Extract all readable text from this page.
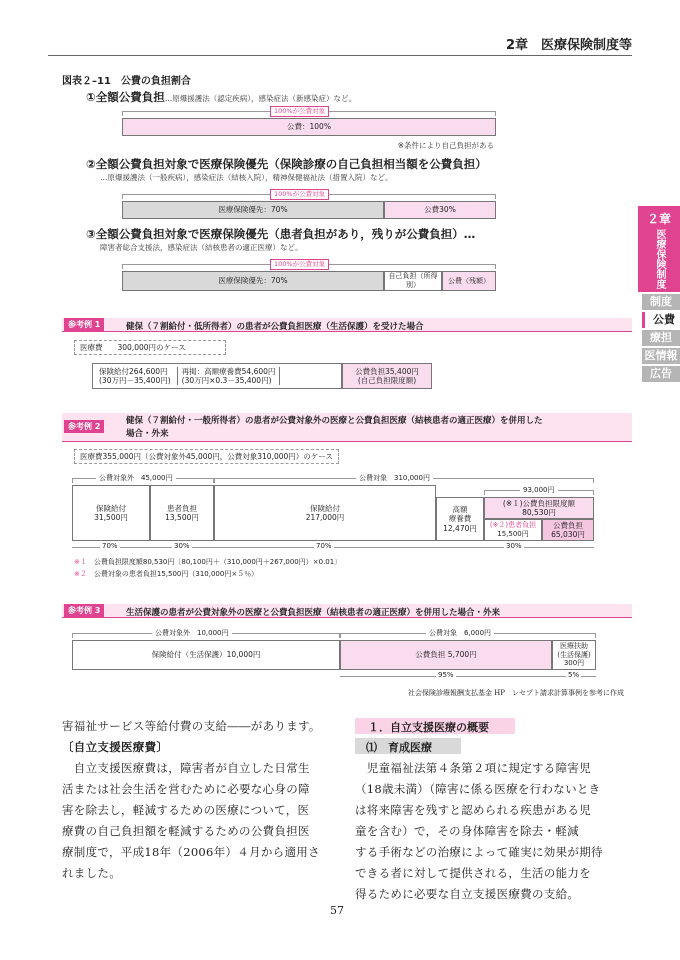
2章　医療保険制度等
２章
医療保険制度
制度
公費
療担
医情報
広告
図表２–11　公費の負担割合
①全額公費負担…原爆援護法（認定疾病），感染症法（新感染症）など。
100%が公費対象
公費：100%
※条件により自己負担がある
②全額公費負担対象で医療保険優先（保険診療の自己負担相当額を公費負担）
…原爆援護法（一般疾病），感染症法（結核入院），精神保健福祉法（措置入院）など。
100%が公費対象
医療保険優先：70%	公費30%
③全額公費負担対象で医療保険優先（患者負担があり，残りが公費負担）…
障害者総合支援法，感染症法（結核患者の適正医療）など。
100%が公費対象
医療保険優先：70%
自己負担（所得別）
公費（残額）
参考例 1	健保（７割給付・低所得者）の患者が公費負担医療（生活保護）を受けた場合
医療費　　 300,000円のケース
保険給付264,600円
(30万円－35,400円)
再掲：高額療養費54,600円
(30万円×0.3－35,400円)
公費負担35,400円
(自己負担限度額)
参考例 2
健保（７割給付・一般所得者）の患者が公費対象外の医療と公費負担医療（結核患者の適正医療）を併用した
場合・外来
医療費355,000円（公費対象外45,000円，公費対象310,000円）のケース
公費対象外　45,000円	公費対象　310,000円
93,000円
保険給付
31,500円
患者負担
13,500円
保険給付
217,000円
高額
療養費
12,470円
(※１)公費負担限度額
80,530円
(※２)患者負担
15,500円
公費負担
65,030円
70%	30%	70%	30%
※１　 公費負担限度額80,530円〔80,100円＋（310,000円＋267,000円）×0.01〕
※２　 公費対象の患者負担15,500円（310,000円×５％）
参考例 3	生活保護の患者が公費対象外の医療と公費負担医療（結核患者の適正医療）を併用した場合・外来
公費対象外　10,000円	公費対象　6,000円
保険給付（生活保護）10,000円	公費負担 5,700円
医療扶助
(生活保護)
300円
95%	5%
社会保険診療報酬支払基金 HP　レセプト請求計算事例を参考に作成
害福祉サービス等給付費の支給――があります。
〔自立支援医療費〕
　自立支援医療費は，障害者が自立した日常生
活または社会生活を営むために必要な心身の障
害を除去し，軽減するための医療について，医
療費の自己負担額を軽減するための公費負担医
療制度で，平成18年（2006年）４月から適用さ
れました。
１．自立支援医療の概要
⑴　育成医療
　児童福祉法第４条第２項に規定する障害児
（18歳未満）（障害に係る医療を行わないとき
は将来障害を残すと認められる疾患がある児
童を含む）で，その身体障害を除去・軽減
する手術などの治療によって確実に効果が期待
できる者に対して提供される，生活の能力を
得るために必要な自立支援医療費の支給。
57
